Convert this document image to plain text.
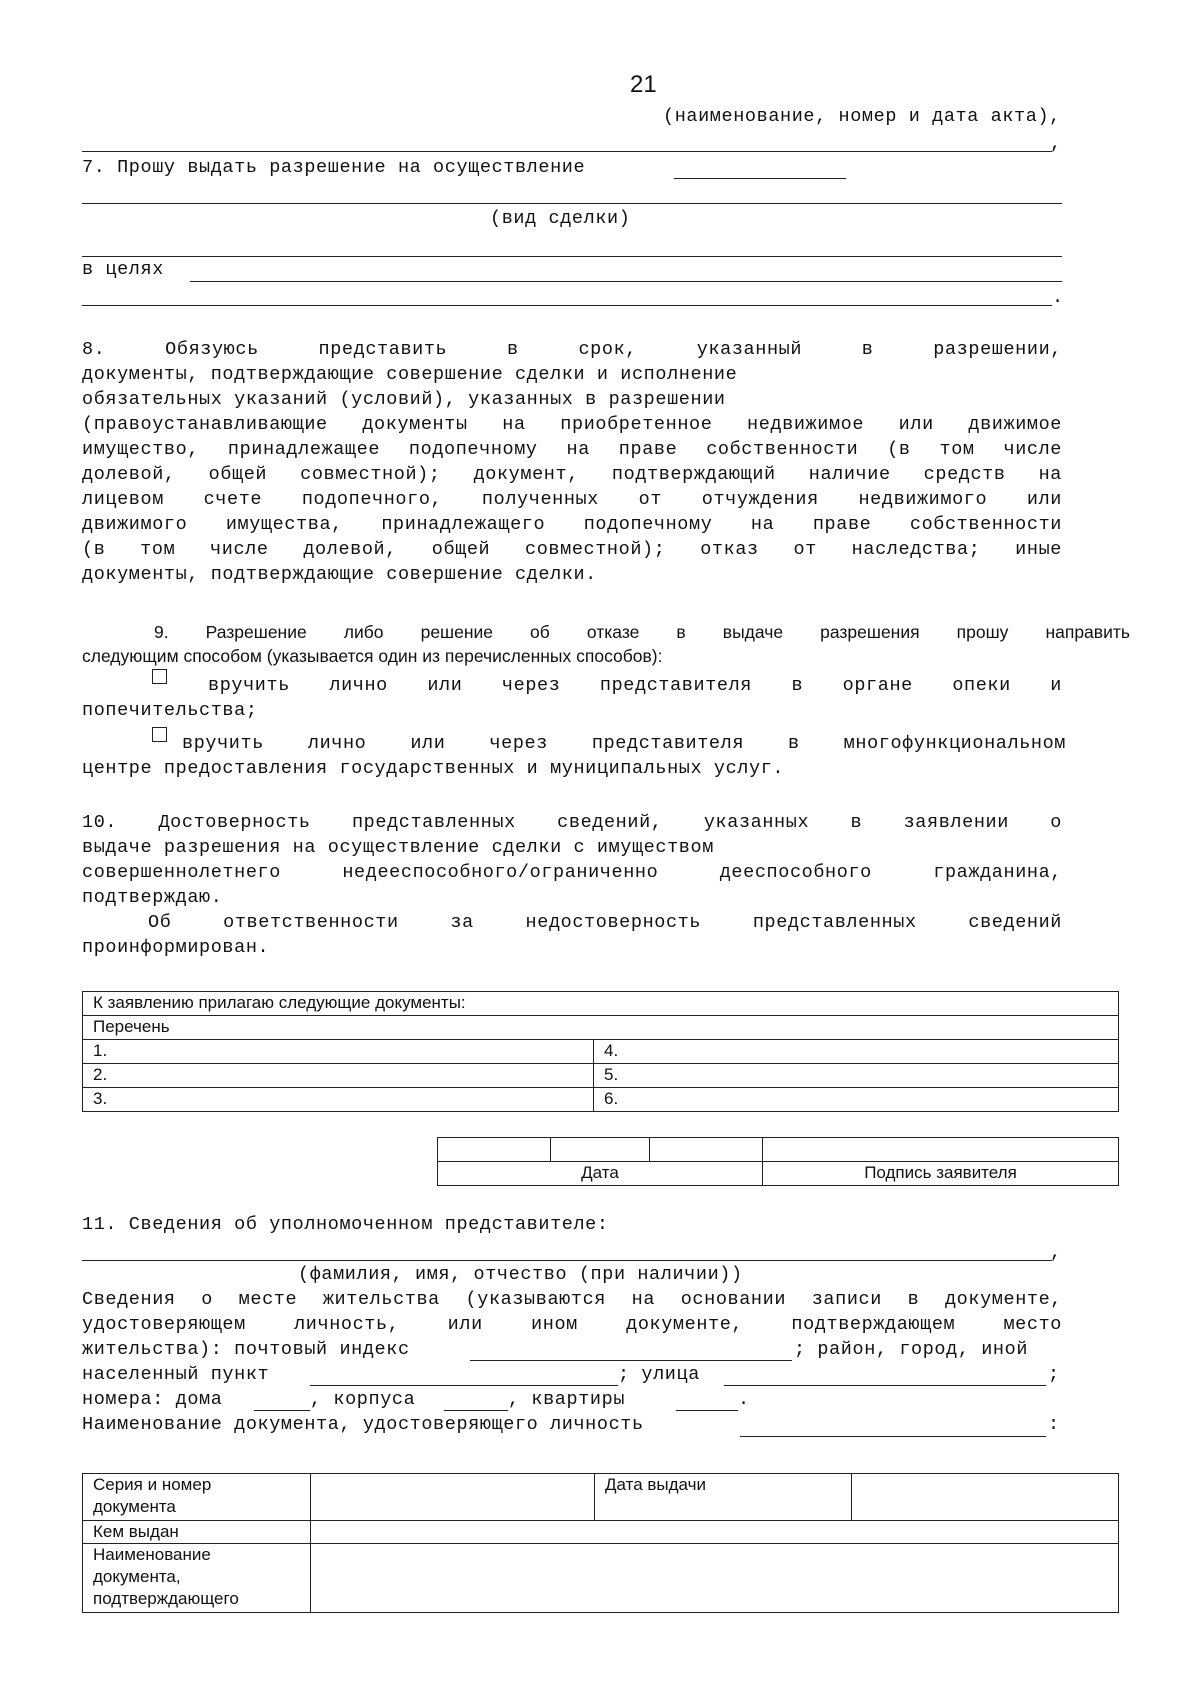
21
(наименование, номер и дата акта),
,
7. Прошу выдать разрешение на осуществление
(вид сделки)
в целях
.
8. Обязуюсь представить в срок, указанный в разрешении,
документы, подтверждающие совершение сделки и исполнение
обязательных указаний (условий), указанных в разрешении
(правоустанавливающие документы на приобретенное недвижимое или движимое
имущество, принадлежащее подопечному на праве собственности (в том числе
долевой, общей совместной); документ, подтверждающий наличие средств на
лицевом счете подопечного, полученных от отчуждения недвижимого или
движимого имущества, принадлежащего подопечному на праве собственности
(в том числе долевой, общей совместной); отказ от наследства; иные
документы, подтверждающие совершение сделки.
9. Разрешение либо решение об отказе в выдаче разрешения прошу направить
следующим способом (указывается один из перечисленных способов):
вручить лично или через представителя в органе опеки и
попечительства;
вручить лично или через представителя в многофункциональном
центре предоставления государственных и муниципальных услуг.
10. Достоверность представленных сведений, указанных в заявлении о
выдаче разрешения на осуществление сделки с имуществом
совершеннолетнего недееспособного/ограниченно дееспособного гражданина,
подтверждаю.
Об ответственности за недостоверность представленных сведений
проинформирован.
К заявлению прилагаю следующие документы:	
Перечень	
1.	4.
2.	5.
3.	6.

Дата			Подпись заявителя
11. Сведения об уполномоченном представителе:
,
(фамилия, имя, отчество (при наличии))
Сведения о месте жительства (указываются на основании записи в документе,
удостоверяющем личность, или ином документе, подтверждающем место
жительства): почтовый индекс	; район, город, иной
населенный пункт	; улица	;
номера: дома	, корпуса	, квартиры	.
Наименование документа, удостоверяющего личность	:
Серия и номер
документа		Дата выдачи	
Кем выдан			

Наименование
документа,
подтверждающего			
